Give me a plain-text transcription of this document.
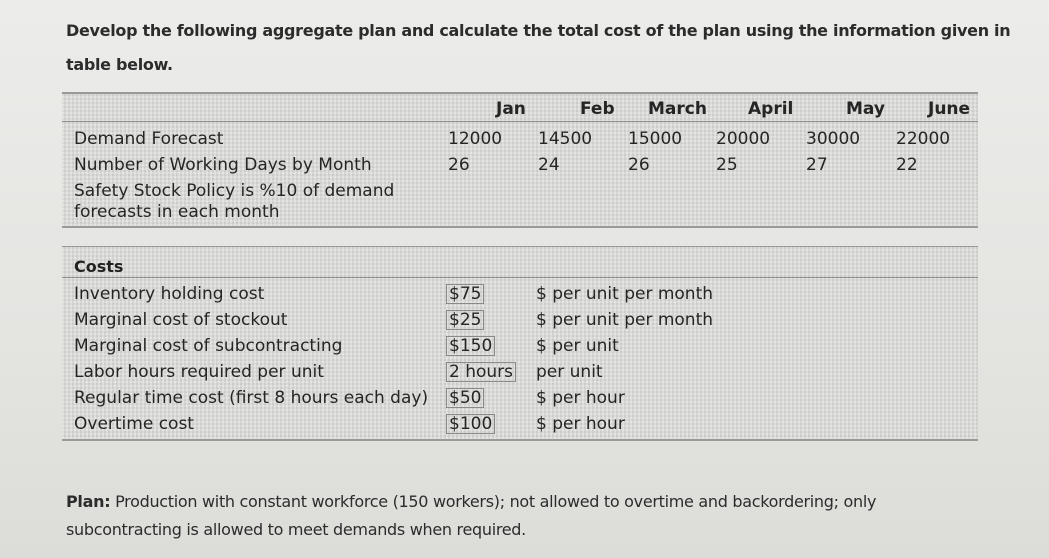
Develop the following aggregate plan and calculate the total cost of the plan using the information given in
table below.
Jan	Feb March April	May	June
Demand Forecast	12000 14500 15000 20000 30000 22000
Number of Working Days by Month	26	24	26	25	27	22
Safety Stock Policy is %10 of demand
forecasts in each month
Costs
Inventory holding cost	$75	$ per unit per month
Marginal cost of stockout	$25	$ per unit per month
Marginal cost of subcontracting	$150	$ per unit
Labor hours required per unit	2 hours per unit
Regular time cost (first 8 hours each day) $50	$ per hour
Overtime cost	$100	$ per hour
Plan: Production with constant workforce (150 workers); not allowed to overtime and backordering; only
subcontracting is allowed to meet demands when required.
